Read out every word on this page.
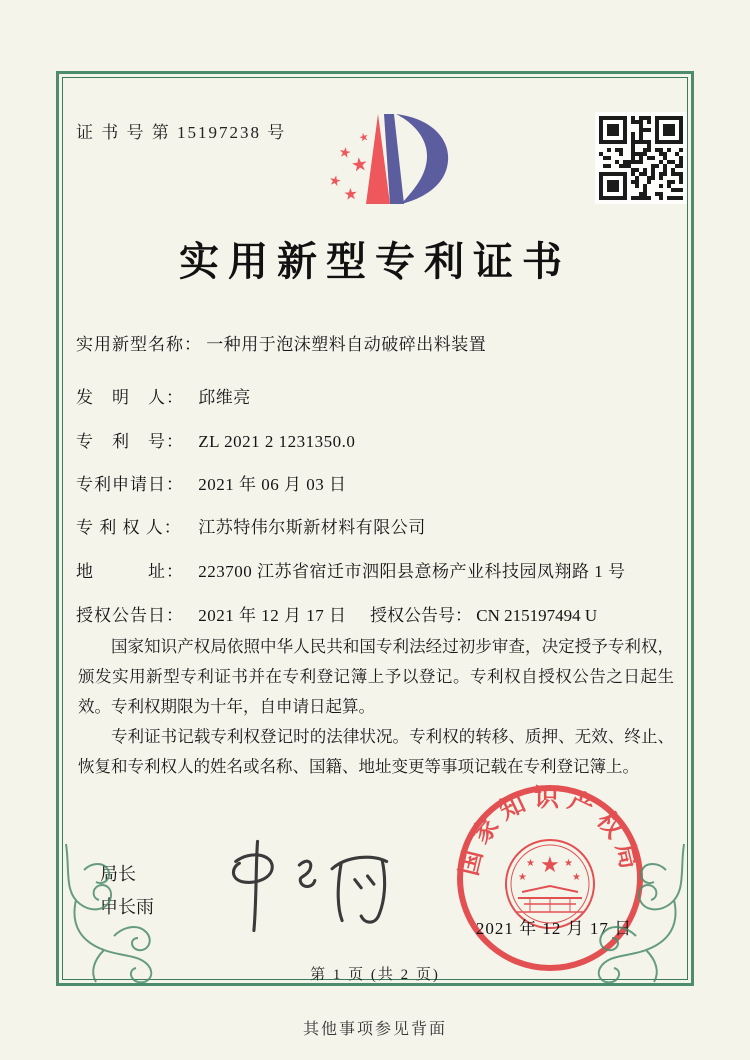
证 书 号 第 15197238 号	★
★
★
★
★
实用新型专利证书
实用新型名称： 一种用于泡沫塑料自动破碎出料装置
发　明　人： 邱维亮
专　利　号： ZL 2021 2 1231350.0
专利申请日： 2021 年 06 月 03 日
专 利 权 人： 江苏特伟尔斯新材料有限公司
地　　　址： 223700 江苏省宿迁市泗阳县意杨产业科技园凤翔路 1 号
授权公告日： 2021 年 12 月 17 日 授权公告号： CN 215197494 U

国家知识产权局依照中华人民共和国专利法经过初步审查，决定授予专利权，颁发实用新型专利证书并在专利登记簿上予以登记。专利权自授权公告之日起生效。专利权期限为十年，自申请日起算。

专利证书记载专利权登记时的法律状况。专利权的转移、质押、无效、终止、恢复和专利权人的姓名或名称、国籍、地址变更等事项记载在专利登记簿上。

局长
申长雨
国家知识产权局
★
★
★	★
★
2021 年 12 月 17 日
第 1 页 (共 2 页)
其他事项参见背面
